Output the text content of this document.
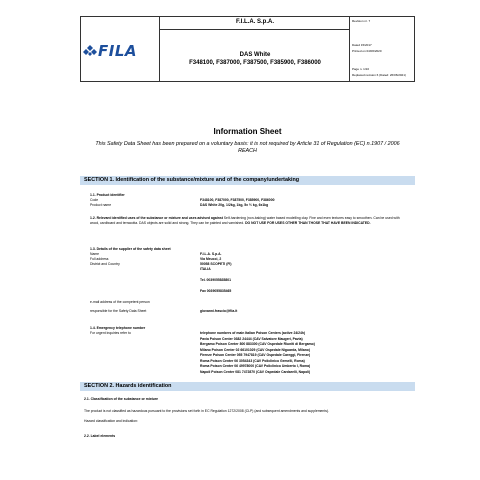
FILA
F.I.L.A. S.p.A.
DAS White
F348100, F387000, F387500, F385900, F386000
Revision nr. 7
Dated 15/2017
Printed on 04/06/2020
Page n. 1/10
Replaced revision 6 (Dated: 26/06/2021)
Information Sheet
This Safety Data Sheet has been prepared on a voluntary basis: it is not required by Article 31 of Regulation (EC) n.1907 / 2006 REACH
SECTION 1. Identification of the substance/mixture and of the company/undertaking
1.1. Product identifier
Code	F348100, F387000, F387500, F385900, F386000
Product name	DAS White 20g, 1/2kg, 1kg, 5x ½ kg, 6x1kg
1.2. Relevant identified uses of the substance or mixture and uses advised against Self-hardening (non-baking) water based modelling clay. Fine and even textures easy to smoothen. Can be used with wood, cardboard and terracotta. DAS objects are solid and strong. They can be painted and varnished. DO NOT USE FOR USES OTHER THAN THOSE THAT HAVE BEEN INDICATED.
1.3. Details of the supplier of the safety data sheet
Name	F.I.L.A. S.p.A.
Full address	Via Meucci, 2
District and Country	50058 SCOPETI (FI)
ITALIA
Tel. 0039055835801
Fax 0039055835465
e-mail address of the competent person
responsible for the Safety Data Sheet	giovanni.frascio@fila.it
1.4. Emergency telephone number
For urgent inquiries refer to	telephone numbers of main Italian Poison Centers (active 24/24h)
Pavia Poison Center 0382 24444 (CAV Salvatore Maugeri, Pavia)
Bergamo Poison Center 800 883300 (CAV Ospedale Riuniti di Bergamo)
Milano Poison Center 02 66101029 (CAV Ospedale Niguarda, Milano)
Firenze Poison Center 055 7947819 (CAV Ospedale Careggi, Firenze)
Roma Poison Center 06 3054343 (CAV Policlinico Gemelli, Roma)
Roma Poison Center 06 49978000 (CAV Policlinico Umberto I, Roma)
Napoli Poison Center 081 7472870 (CAV Ospedale Cardarelli, Napoli)
SECTION 2. Hazards identification
2.1. Classification of the substance or mixture
The product is not classified as hazardous pursuant to the provisions set forth in EC Regulation 1272/2008 (CLP) (and subsequent amendments and supplements).
Hazard classification and indication:
2.2. Label elements
